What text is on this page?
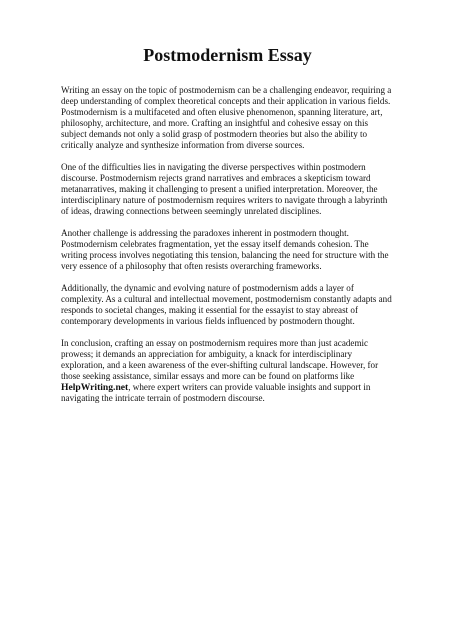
Postmodernism Essay

Writing an essay on the topic of postmodernism can be a challenging endeavor, requiring a deep understanding of complex theoretical concepts and their application in various fields. Postmodernism is a multifaceted and often elusive phenomenon, spanning literature, art, philosophy, architecture, and more. Crafting an insightful and cohesive essay on this subject demands not only a solid grasp of postmodern theories but also the ability to critically analyze and synthesize information from diverse sources.

One of the difficulties lies in navigating the diverse perspectives within postmodern discourse. Postmodernism rejects grand narratives and embraces a skepticism toward metanarratives, making it challenging to present a unified interpretation. Moreover, the interdisciplinary nature of postmodernism requires writers to navigate through a labyrinth of ideas, drawing connections between seemingly unrelated disciplines.

Another challenge is addressing the paradoxes inherent in postmodern thought. Postmodernism celebrates fragmentation, yet the essay itself demands cohesion. The writing process involves negotiating this tension, balancing the need for structure with the very essence of a philosophy that often resists overarching frameworks.

Additionally, the dynamic and evolving nature of postmodernism adds a layer of complexity. As a cultural and intellectual movement, postmodernism constantly adapts and responds to societal changes, making it essential for the essayist to stay abreast of contemporary developments in various fields influenced by postmodern thought.

In conclusion, crafting an essay on postmodernism requires more than just academic prowess; it demands an appreciation for ambiguity, a knack for interdisciplinary exploration, and a keen awareness of the ever-shifting cultural landscape. However, for those seeking assistance, similar essays and more can be found on platforms like HelpWriting.net, where expert writers can provide valuable insights and support in navigating the intricate terrain of postmodern discourse.
